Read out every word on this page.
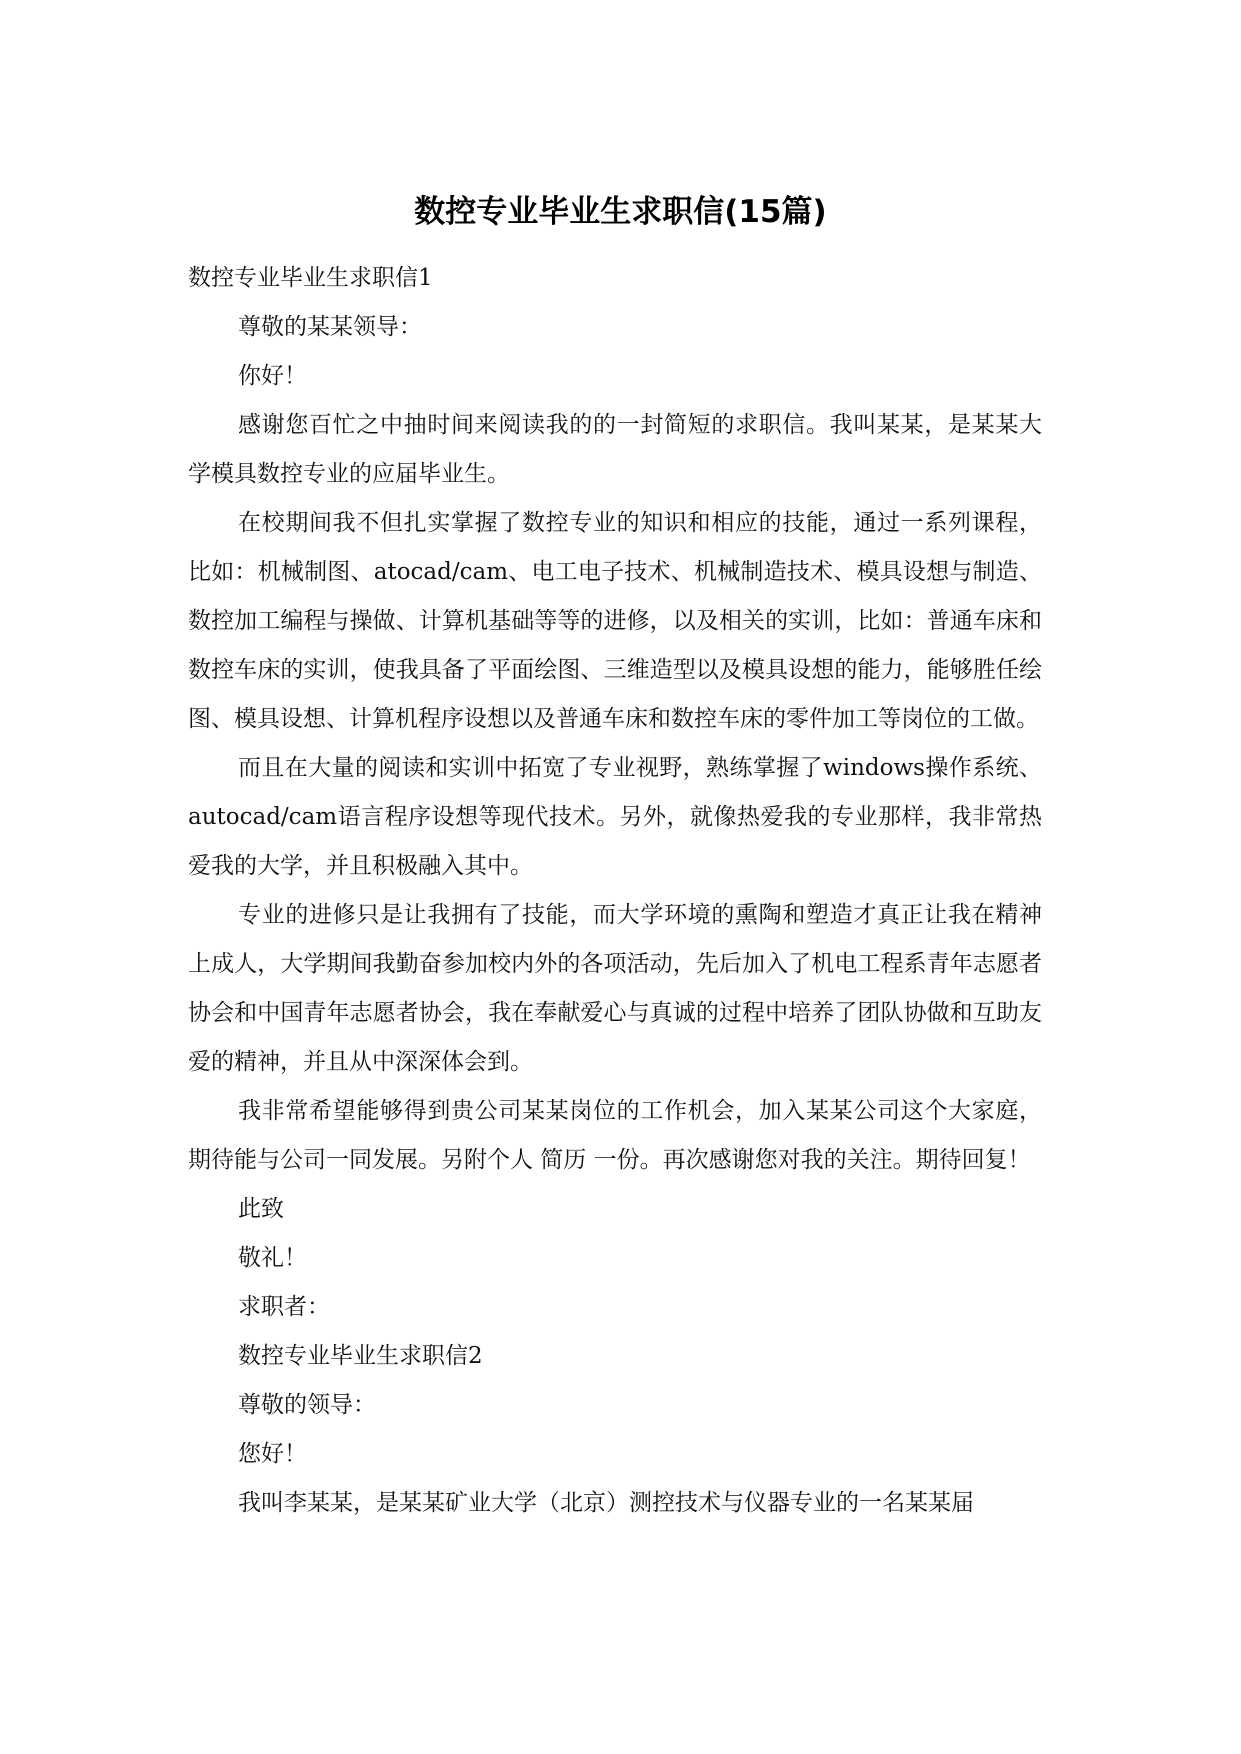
数控专业毕业生求职信(15篇)

数控专业毕业生求职信1

尊敬的某某领导：

你好！

感谢您百忙之中抽时间来阅读我的的一封简短的求职信。我叫某某，是某某大学模具数控专业的应届毕业生。

在校期间我不但扎实掌握了数控专业的知识和相应的技能，通过一系列课程，比如：机械制图、atocad/cam、电工电子技术、机械制造技术、模具设想与制造、数控加工编程与操做、计算机基础等等的进修，以及相关的实训，比如：普通车床和数控车床的实训，使我具备了平面绘图、三维造型以及模具设想的能力，能够胜任绘图、模具设想、计算机程序设想以及普通车床和数控车床的零件加工等岗位的工做。

而且在大量的阅读和实训中拓宽了专业视野，熟练掌握了windows操作系统、autocad/cam语言程序设想等现代技术。另外，就像热爱我的专业那样，我非常热爱我的大学，并且积极融入其中。

专业的进修只是让我拥有了技能，而大学环境的熏陶和塑造才真正让我在精神上成人，大学期间我勤奋参加校内外的各项活动，先后加入了机电工程系青年志愿者协会和中国青年志愿者协会，我在奉献爱心与真诚的过程中培养了团队协做和互助友爱的精神，并且从中深深体会到。

我非常希望能够得到贵公司某某岗位的工作机会，加入某某公司这个大家庭，期待能与公司一同发展。另附个人 简历 一份。再次感谢您对我的关注。期待回复！

此致

敬礼！

求职者：

数控专业毕业生求职信2

尊敬的领导：

您好！

我叫李某某，是某某矿业大学（北京）测控技术与仪器专业的一名某某届
